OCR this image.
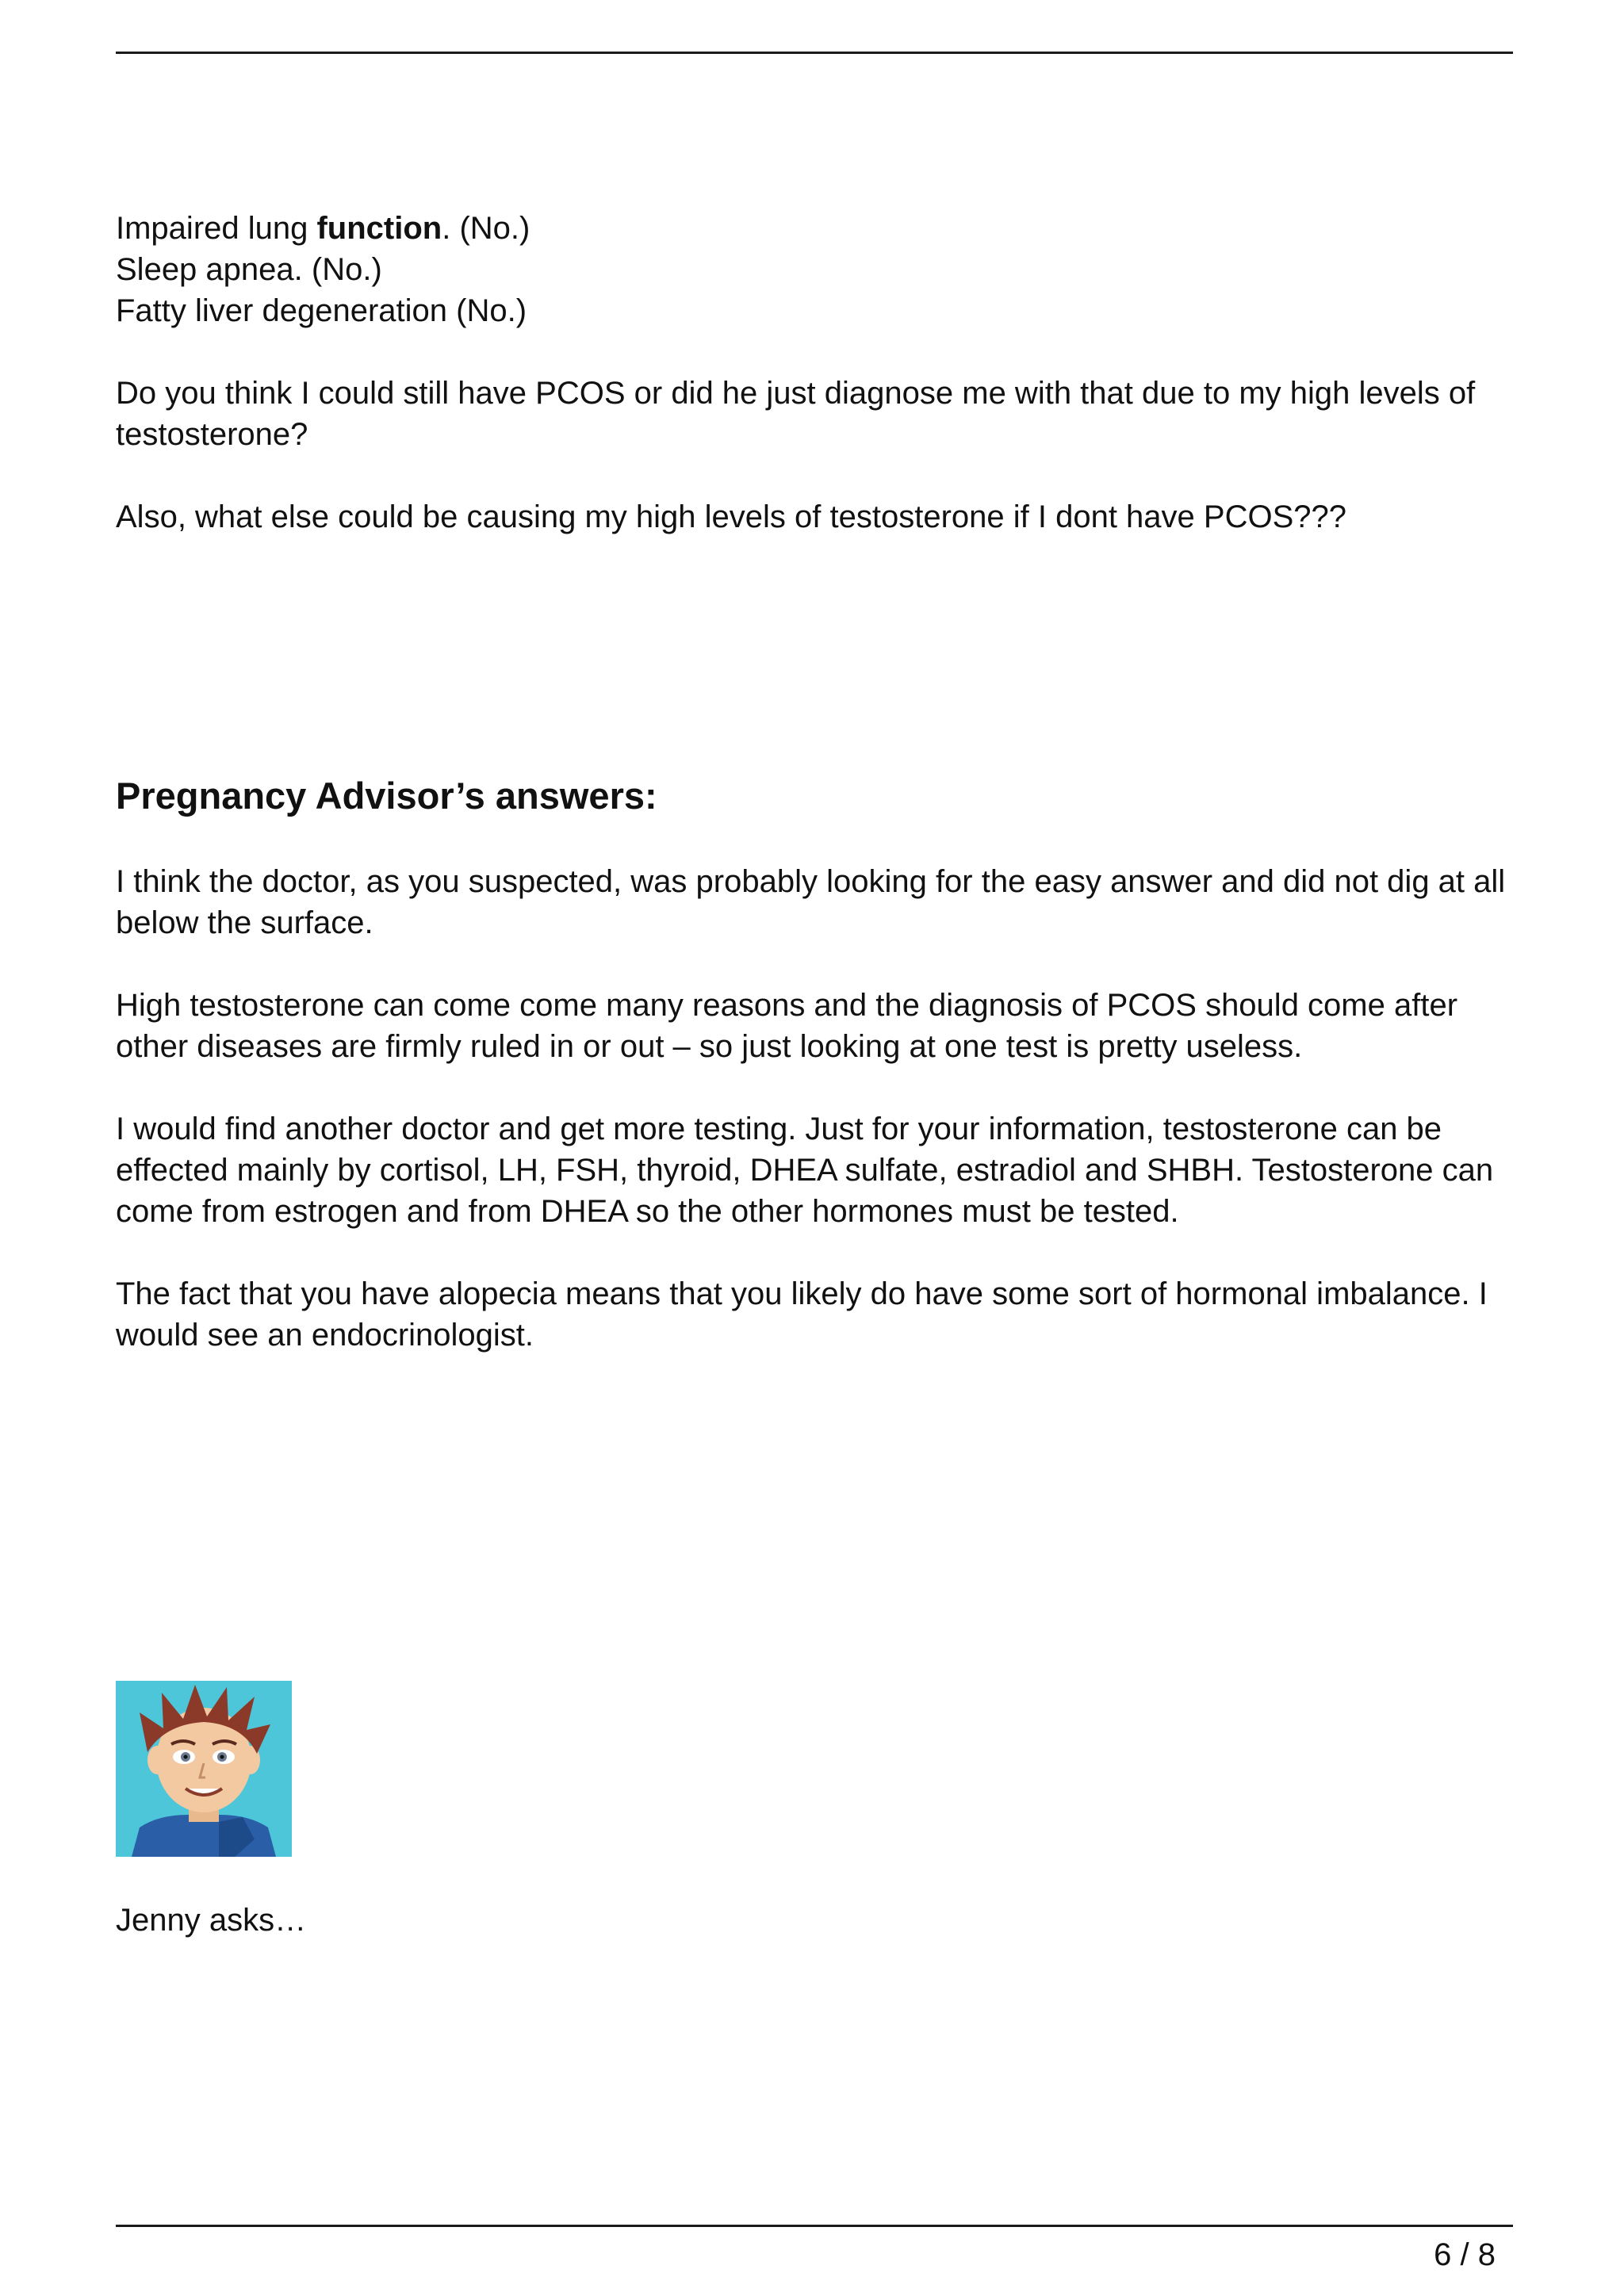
Impaired lung function. (No.)

Sleep apnea. (No.)

Fatty liver degeneration (No.)

Do you think I could still have PCOS or did he just diagnose me with that due to my high levels of testosterone?

Also, what else could be causing my high levels of testosterone if I dont have PCOS???

Pregnancy Advisor’s answers:

I think the doctor, as you suspected, was probably looking for the easy answer and did not dig at all below the surface.

High testosterone can come come many reasons and the diagnosis of PCOS should come after other diseases are firmly ruled in or out – so just looking at one test is pretty useless.

I would find another doctor and get more testing. Just for your information, testosterone can be effected mainly by cortisol, LH, FSH, thyroid, DHEA sulfate, estradiol and SHBH. Testosterone can come from estrogen and from DHEA so the other hormones must be tested.

The fact that you have alopecia means that you likely do have some sort of hormonal imbalance. I would see an endocrinologist.

Jenny asks…

6 / 8
